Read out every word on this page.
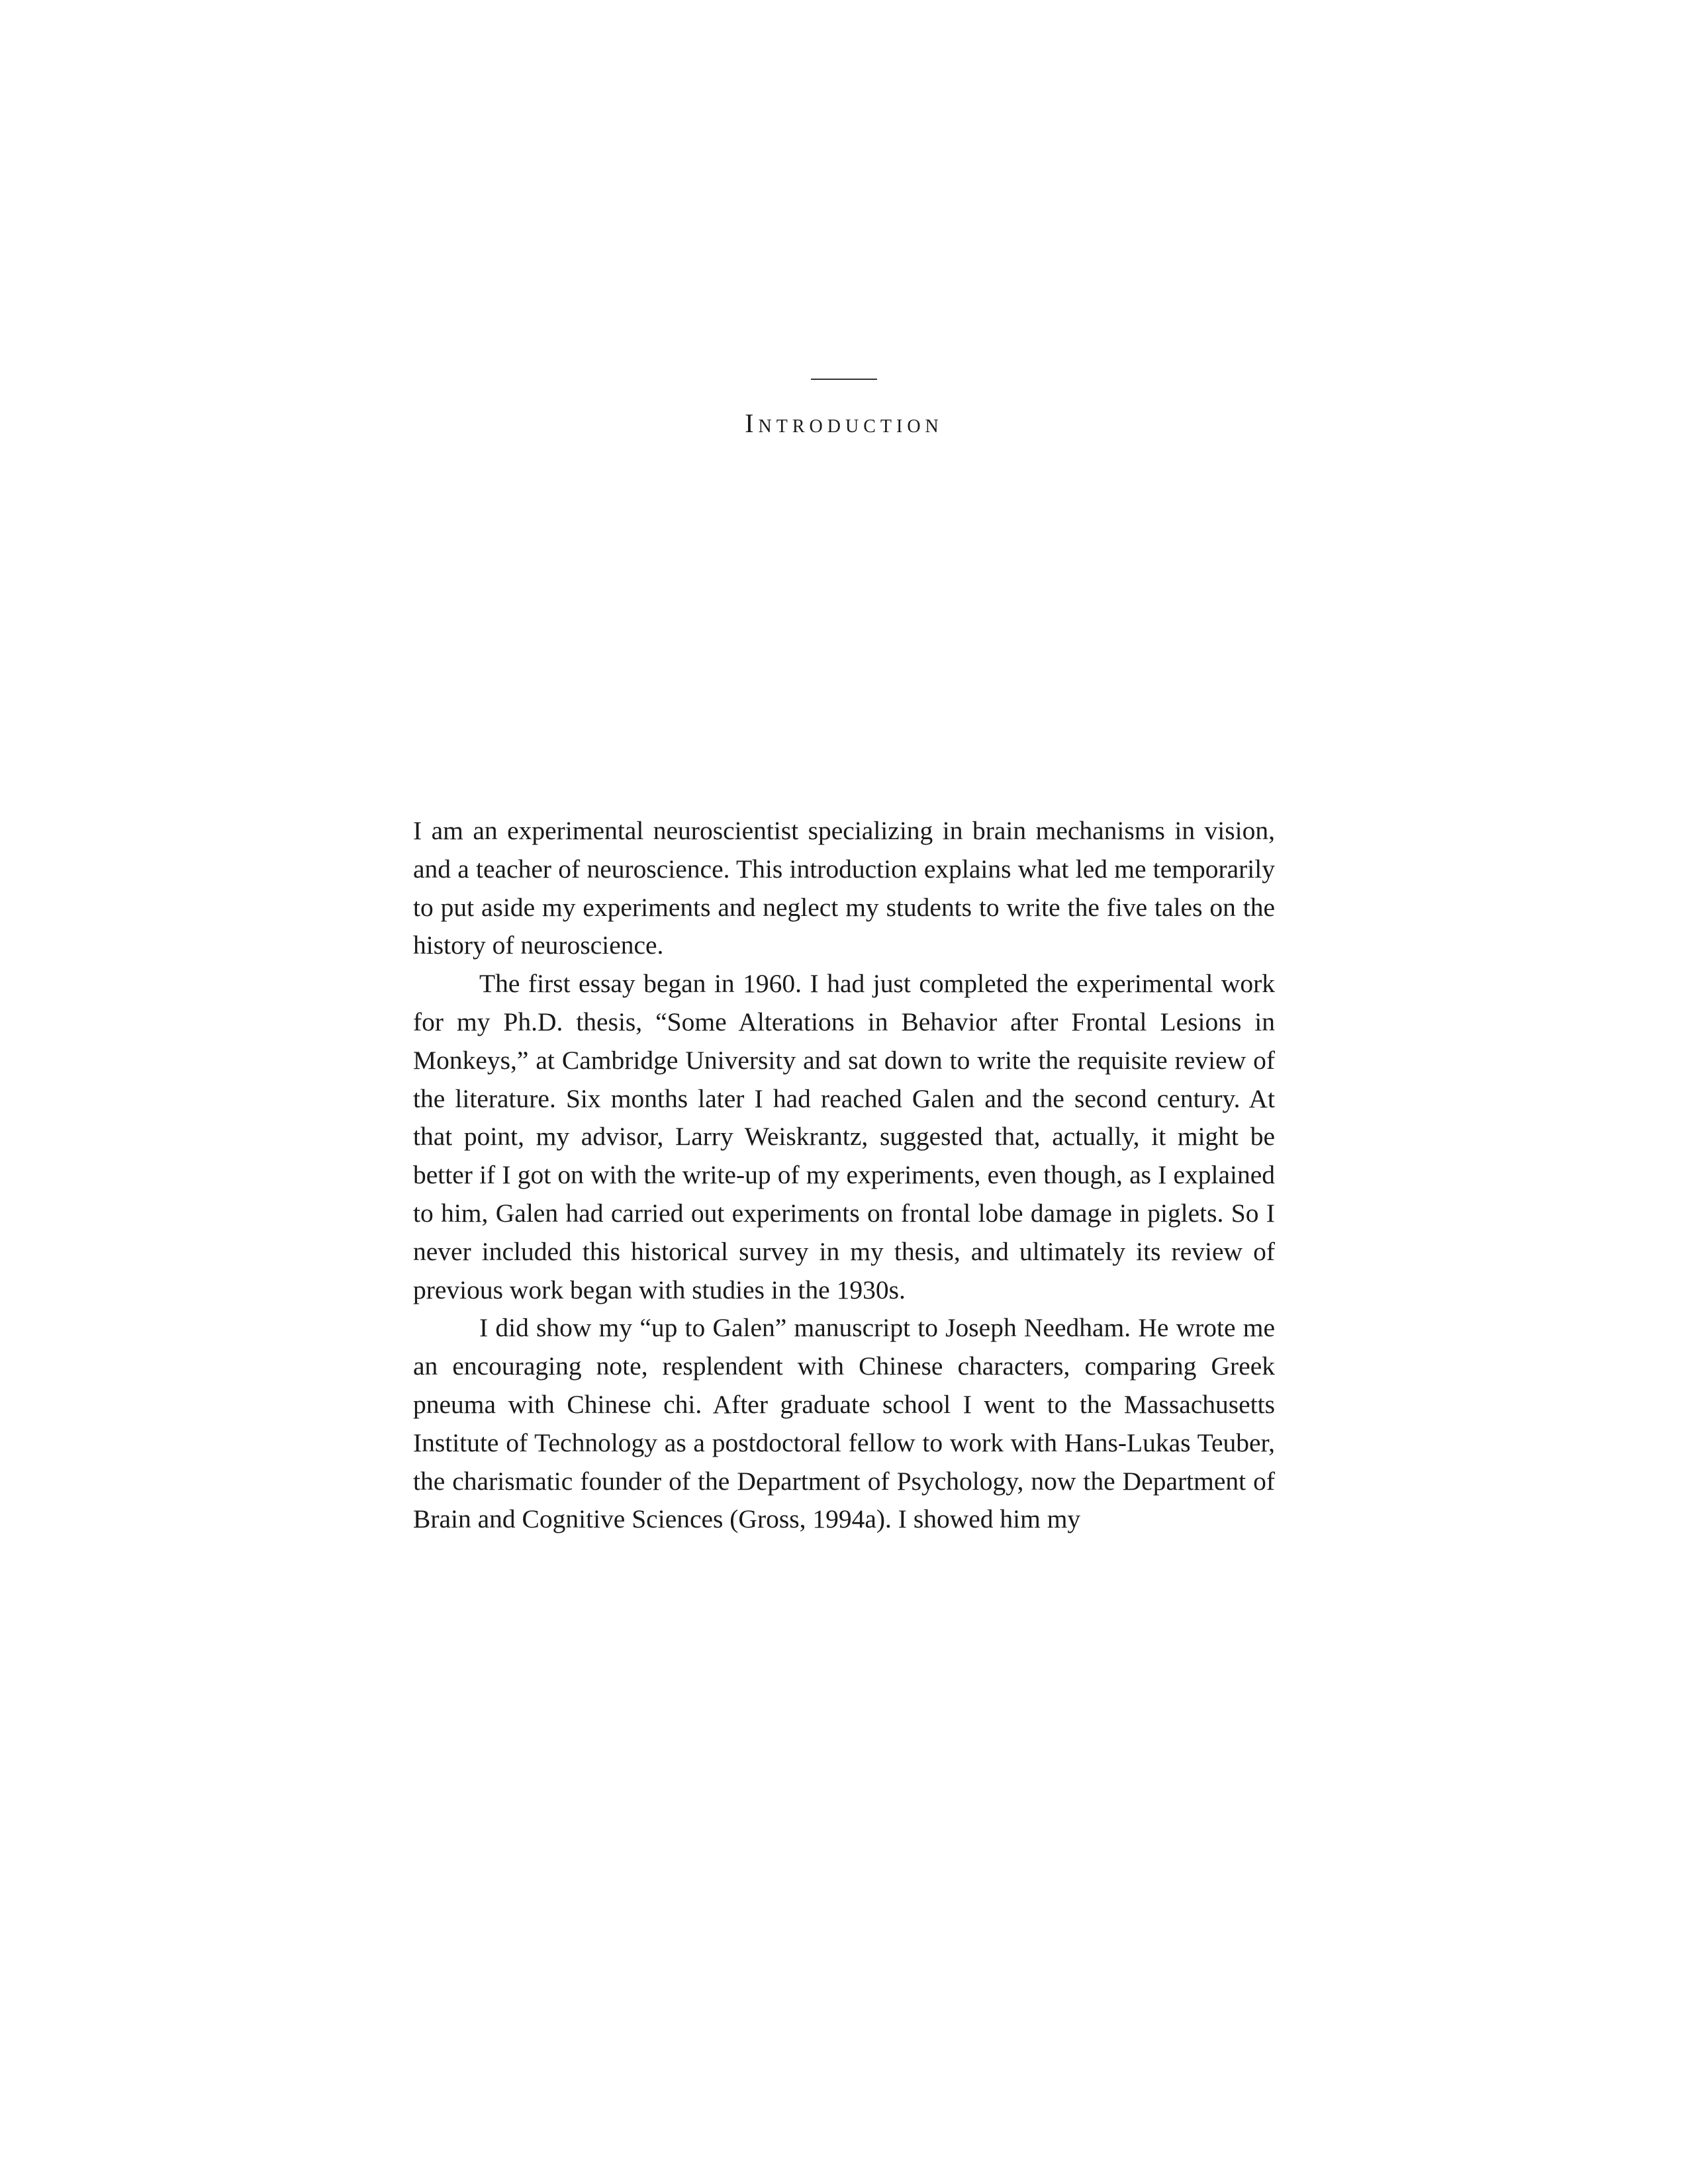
Introduction

I am an experimental neuroscientist specializing in brain mechanisms in vision, and a teacher of neuroscience. This introduction explains what led me temporarily to put aside my experiments and neglect my students to write the five tales on the history of neuroscience.

The first essay began in 1960. I had just completed the experimental work for my Ph.D. thesis, “Some Alterations in Behavior after Frontal Lesions in Monkeys,” at Cambridge University and sat down to write the requisite review of the literature. Six months later I had reached Galen and the second century. At that point, my advisor, Larry Weiskrantz, suggested that, actually, it might be better if I got on with the write-up of my experiments, even though, as I explained to him, Galen had carried out experiments on frontal lobe damage in piglets. So I never included this historical survey in my thesis, and ultimately its review of previous work began with studies in the 1930s.

I did show my “up to Galen” manuscript to Joseph Needham. He wrote me an encouraging note, resplendent with Chinese characters, comparing Greek pneuma with Chinese chi. After graduate school I went to the Massachusetts Institute of Technology as a postdoctoral fellow to work with Hans-Lukas Teuber, the charismatic founder of the Department of Psychology, now the Department of Brain and Cognitive Sciences (Gross, 1994a). I showed him my
